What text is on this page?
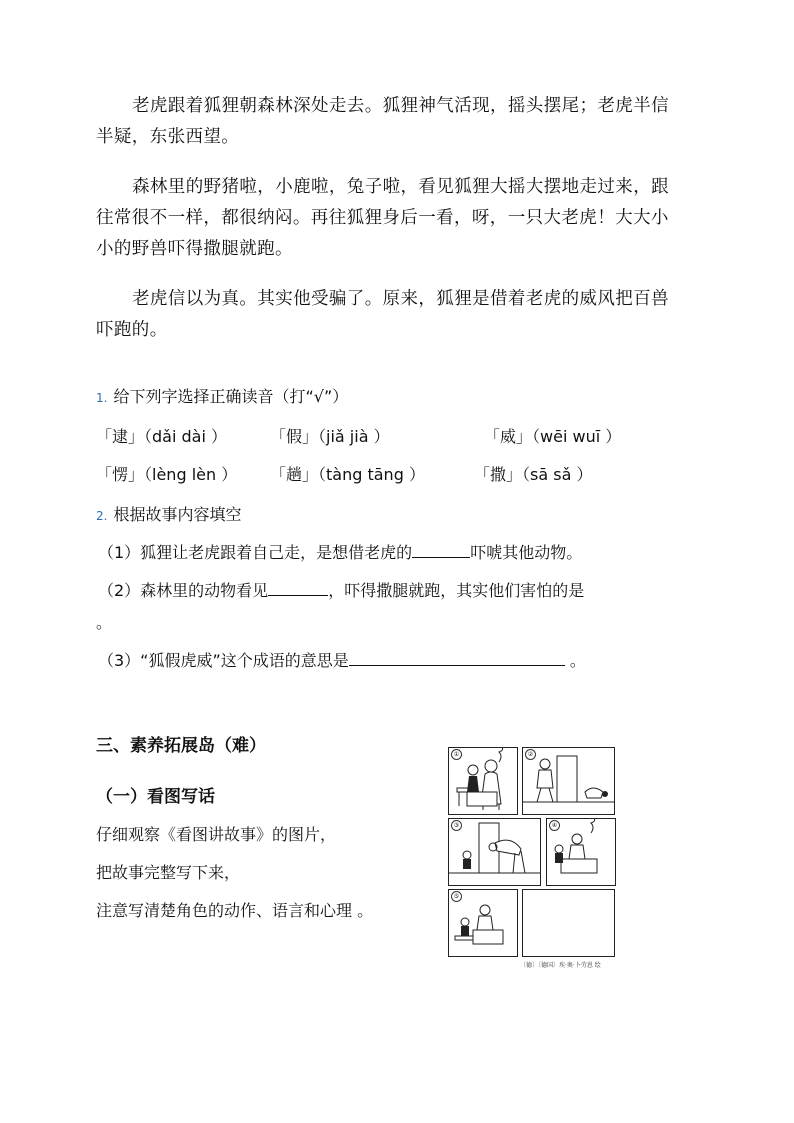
老虎跟着狐狸朝森林深处走去。狐狸神气活现，摇头摆尾；老虎半信
半疑，东张西望。
森林里的野猪啦，小鹿啦，兔子啦，看见狐狸大摇大摆地走过来，跟
往常很不一样，都很纳闷。再往狐狸身后一看，呀，一只大老虎！大大小
小的野兽吓得撒腿就跑。
老虎信以为真。其实他受骗了。原来，狐狸是借着老虎的威风把百兽
吓跑的。
1. 给下列字选择正确读音（打“√”）
「逮」（dǎi dài ）	「假」（jiǎ jià ）	「威」（wēi wuī ）
「愣」（lèng lèn ） 「趟」（tàng tāng ）	「撒」（sā sǎ ）
2. 根据故事内容填空
（1）狐狸让老虎跟着自己走，是想借老虎的	吓唬其他动物。
（2）森林里的动物看见	，吓得撒腿就跑，其实他们害怕的是
。
（3）“狐假虎威”这个成语的意思是	。
三、素养拓展岛（难）
（一）看图写话
仔细观察《看图讲故事》的图片，
把故事完整写下来，
注意写清楚角色的动作、语言和心理 。
①	②
③	④
⑤
〔德〕〔德国〕埃·奥·卜劳恩 绘
